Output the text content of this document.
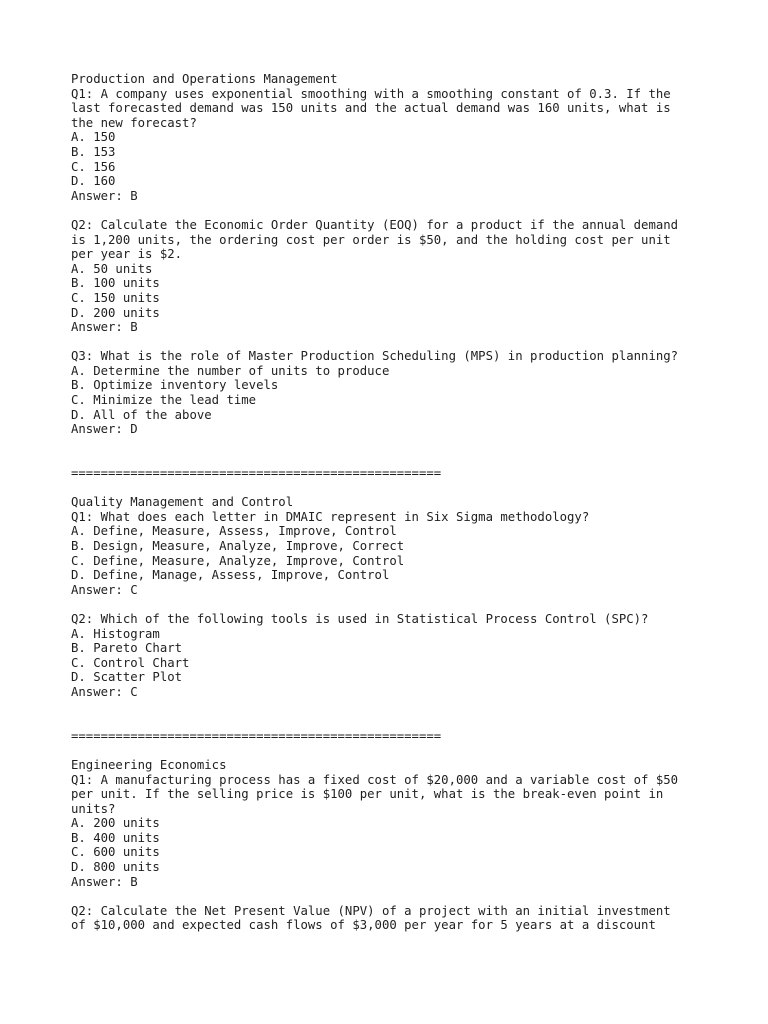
Production and Operations Management
Q1: A company uses exponential smoothing with a smoothing constant of 0.3. If the
last forecasted demand was 150 units and the actual demand was 160 units, what is
the new forecast?
A. 150
B. 153
C. 156
D. 160
Answer: B
Q2: Calculate the Economic Order Quantity (EOQ) for a product if the annual demand
is 1,200 units, the ordering cost per order is $50, and the holding cost per unit
per year is $2.
A. 50 units
B. 100 units
C. 150 units
D. 200 units
Answer: B
Q3: What is the role of Master Production Scheduling (MPS) in production planning?
A. Determine the number of units to produce
B. Optimize inventory levels
C. Minimize the lead time
D. All of the above
Answer: D
==================================================
Quality Management and Control
Q1: What does each letter in DMAIC represent in Six Sigma methodology?
A. Define, Measure, Assess, Improve, Control
B. Design, Measure, Analyze, Improve, Correct
C. Define, Measure, Analyze, Improve, Control
D. Define, Manage, Assess, Improve, Control
Answer: C
Q2: Which of the following tools is used in Statistical Process Control (SPC)?
A. Histogram
B. Pareto Chart
C. Control Chart
D. Scatter Plot
Answer: C
==================================================
Engineering Economics
Q1: A manufacturing process has a fixed cost of $20,000 and a variable cost of $50
per unit. If the selling price is $100 per unit, what is the break-even point in
units?
A. 200 units
B. 400 units
C. 600 units
D. 800 units
Answer: B
Q2: Calculate the Net Present Value (NPV) of a project with an initial investment
of $10,000 and expected cash flows of $3,000 per year for 5 years at a discount
